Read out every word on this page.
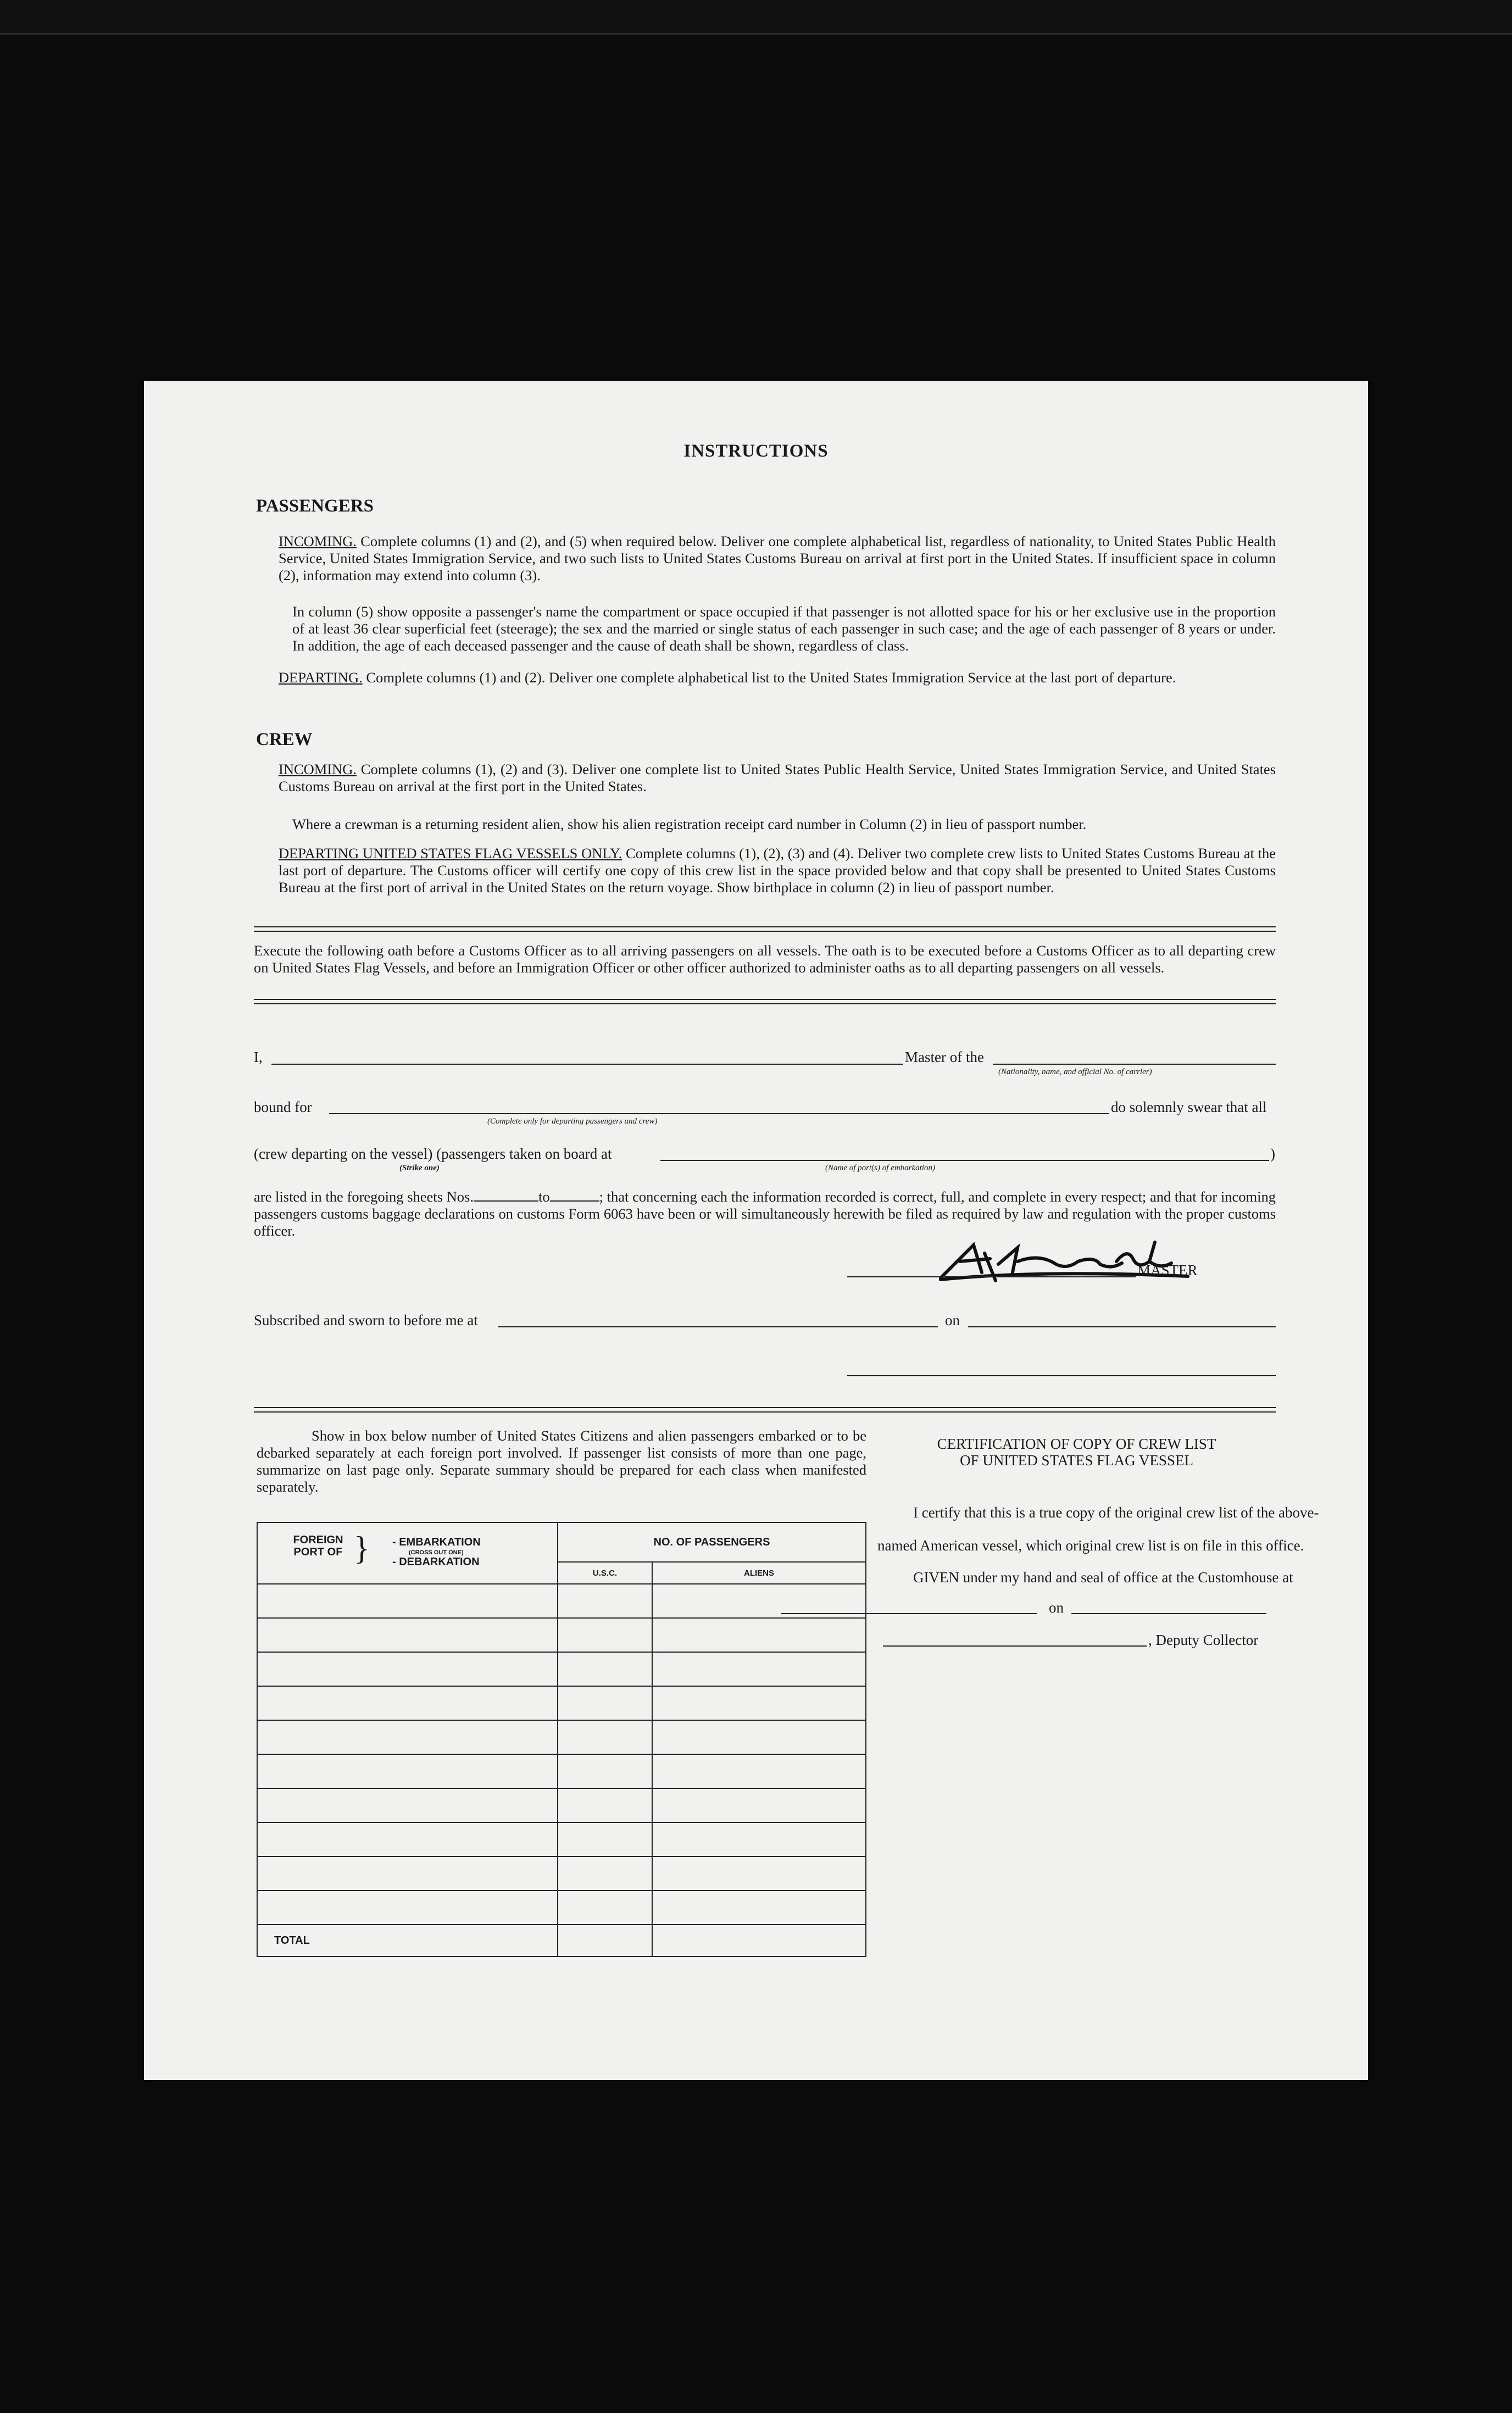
INSTRUCTIONS
PASSENGERS
INCOMING. Complete columns (1) and (2), and (5) when required below. Deliver one complete alphabetical list, regardless of nationality, to United States Public Health Service, United States Immigration Service, and two such lists to United States Customs Bureau on arrival at first port in the United States. If insufficient space in column (2), information may extend into column (3).
In column (5) show opposite a passenger's name the compartment or space occupied if that passenger is not allotted space for his or her exclusive use in the proportion of at least 36 clear superficial feet (steerage); the sex and the married or single status of each passenger in such case; and the age of each passenger of 8 years or under. In addition, the age of each deceased passenger and the cause of death shall be shown, regardless of class.
DEPARTING. Complete columns (1) and (2). Deliver one complete alphabetical list to the United States Immigration Service at the last port of departure.
CREW
INCOMING. Complete columns (1), (2) and (3). Deliver one complete list to United States Public Health Service, United States Immigration Service, and United States Customs Bureau on arrival at the first port in the United States.
Where a crewman is a returning resident alien, show his alien registration receipt card number in Column (2) in lieu of passport number.
DEPARTING UNITED STATES FLAG VESSELS ONLY. Complete columns (1), (2), (3) and (4). Deliver two complete crew lists to United States Customs Bureau at the last port of departure. The Customs officer will certify one copy of this crew list in the space provided below and that copy shall be presented to United States Customs Bureau at the first port of arrival in the United States on the return voyage. Show birthplace in column (2) in lieu of passport number.
Execute the following oath before a Customs Officer as to all arriving passengers on all vessels. The oath is to be executed before a Customs Officer as to all departing crew on United States Flag Vessels, and before an Immigration Officer or other officer authorized to administer oaths as to all departing passengers on all vessels.
I,	Master of the
(Nationality, name, and official No. of carrier)
bound for
(Complete only for departing passengers and crew)
do solemnly swear that all
(crew departing on the vessel) (passengers taken on board at
(Strike one)	(Name of port(s) of embarkation)
)
are listed in the foregoing sheets Nos.	to	; that concerning each the information recorded is correct, full, and complete in every respect; and that for incoming passengers customs baggage declarations on customs Form 6063 have been or will simultaneously herewith be filed as required by law and regulation with the proper customs officer.
MASTER
Subscribed and sworn to before me at	on
Show in box below number of United States Citizens and alien passengers embarked or to be debarked separately at each foreign port involved. If passenger list consists of more than one page, summarize on last page only. Separate summary should be prepared for each class when manifested separately.
FOREIGN PORT OF } - EMBARKATION
(CROSS OUT ONE)
- DEBARKATION	NO. OF PASSENGERS	
	U.S.C.	ALIENS

TOTAL		
CERTIFICATION OF COPY OF CREW LIST
OF UNITED STATES FLAG VESSEL
I certify that this is a true copy of the original crew list of the above-
named American vessel, which original crew list is on file in this office.
GIVEN under my hand and seal of office at the Customhouse at
on
, Deputy Collector
